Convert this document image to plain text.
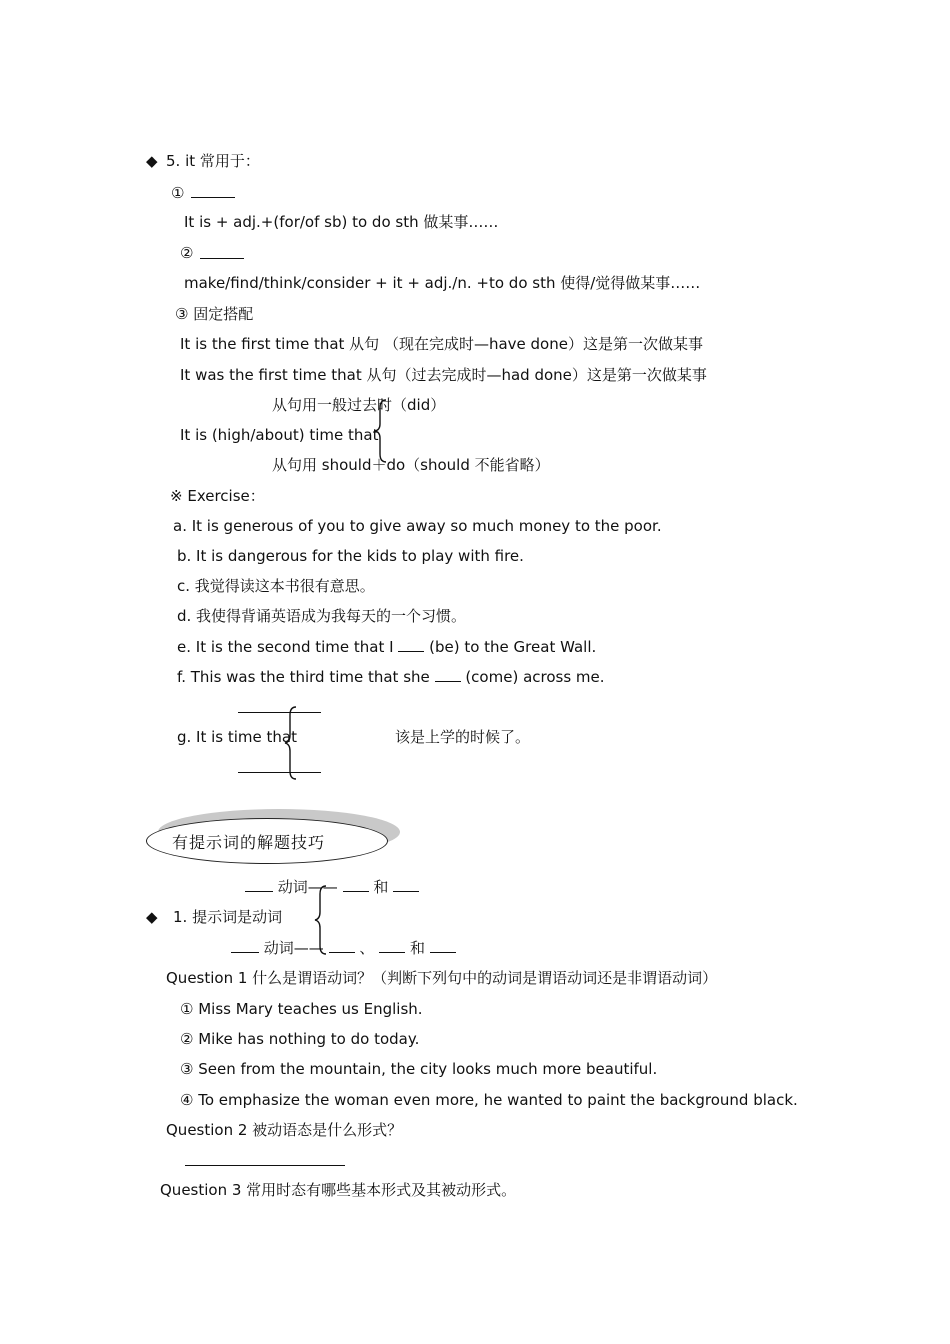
◆ 5. it 常用于：
①
It is + adj.+(for/of sb) to do sth 做某事……
②
make/find/think/consider + it + adj./n. +to do sth 使得/觉得做某事……
③ 固定搭配
It is the first time that 从句 （现在完成时—have done）这是第一次做某事
It was the first time that 从句（过去完成时—had done）这是第一次做某事
从句用一般过去时（did）
It is (high/about) time that
从句用 should＋do（should 不能省略）
※ Exercise：
a. It is generous of you to give away so much money to the poor.
b. It is dangerous for the kids to play with fire.
c. 我觉得读这本书很有意思。
d. 我使得背诵英语成为我每天的一个习惯。
e. It is the second time that I (be) to the Great Wall.
f. This was the third time that she (come) across me.
g. It is time that	该是上学的时候了。
有提示词的解题技巧
动词—— 和
◆ 1. 提示词是动词
动词—— 、 和
Question 1 什么是谓语动词？（判断下列句中的动词是谓语动词还是非谓语动词）
① Miss Mary teaches us English.
② Mike has nothing to do today.
③ Seen from the mountain, the city looks much more beautiful.
④ To emphasize the woman even more, he wanted to paint the background black.
Question 2 被动语态是什么形式？
Question 3 常用时态有哪些基本形式及其被动形式。
